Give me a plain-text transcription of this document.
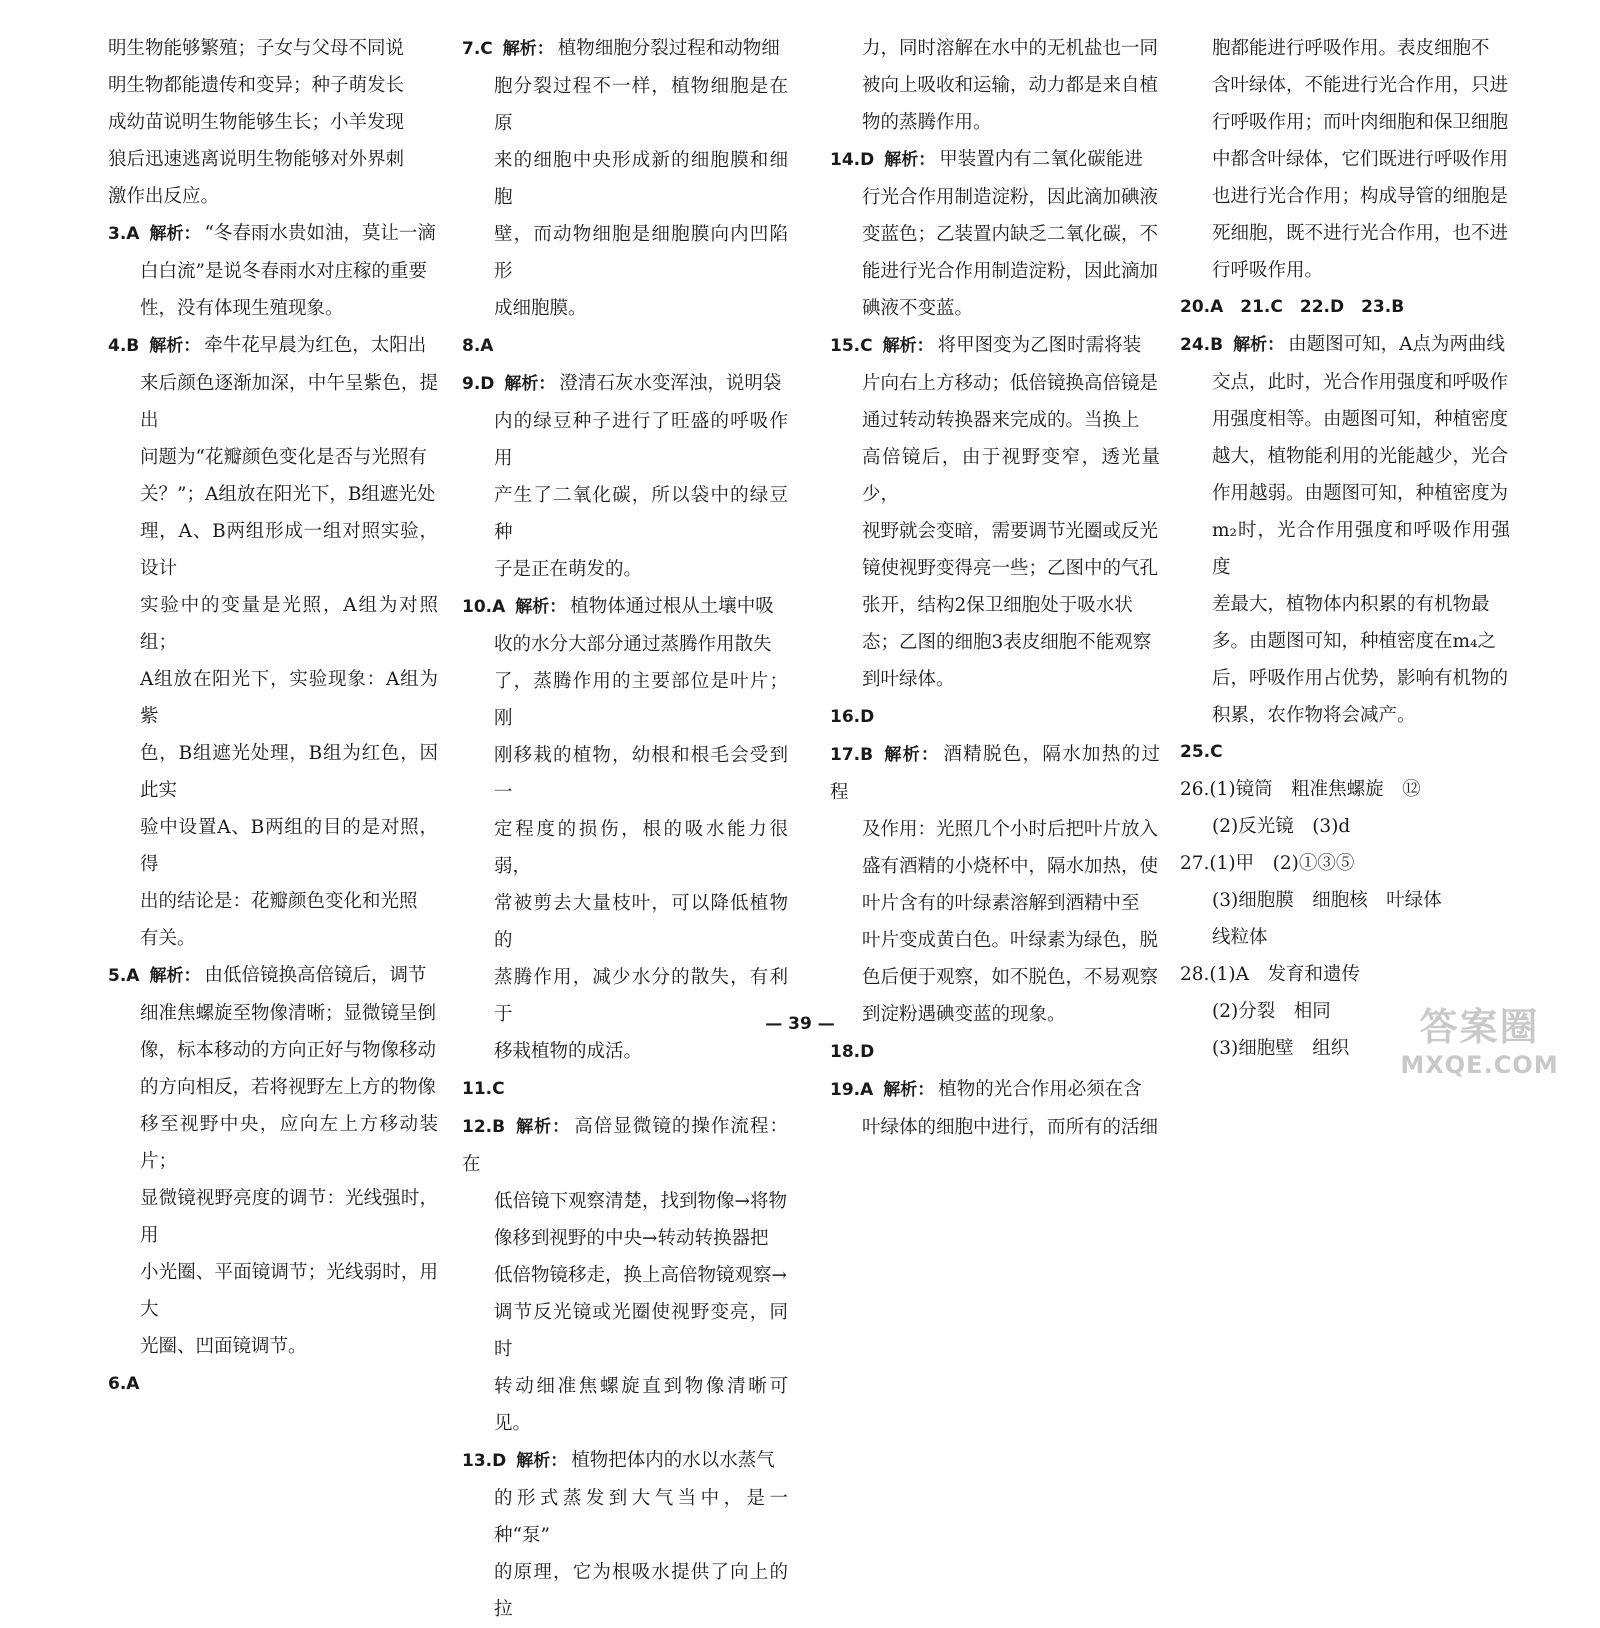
明生物能够繁殖；子女与父母不同说
明生物都能遗传和变异；种子萌发长
成幼苗说明生物能够生长；小羊发现
狼后迅速逃离说明生物能够对外界刺
激作出反应。
3.A 解析： “冬春雨水贵如油，莫让一滴
白白流”是说冬春雨水对庄稼的重要
性，没有体现生殖现象。
4.B 解析： 牵牛花早晨为红色，太阳出
来后颜色逐渐加深，中午呈紫色，提出
问题为“花瓣颜色变化是否与光照有
关？”；A组放在阳光下，B组遮光处
理，A、B两组形成一组对照实验，设计
实验中的变量是光照，A组为对照组；
A组放在阳光下，实验现象：A组为紫
色，B组遮光处理，B组为红色，因此实
验中设置A、B两组的目的是对照，得
出的结论是：花瓣颜色变化和光照
有关。
5.A 解析： 由低倍镜换高倍镜后，调节
细准焦螺旋至物像清晰；显微镜呈倒
像，标本移动的方向正好与物像移动
的方向相反，若将视野左上方的物像
移至视野中央，应向左上方移动装片；
显微镜视野亮度的调节：光线强时，用
小光圈、平面镜调节；光线弱时，用大
光圈、凹面镜调节。
6.A
7.C 解析： 植物细胞分裂过程和动物细
胞分裂过程不一样，植物细胞是在原
来的细胞中央形成新的细胞膜和细胞
壁，而动物细胞是细胞膜向内凹陷形
成细胞膜。
8.A
9.D 解析： 澄清石灰水变浑浊，说明袋
内的绿豆种子进行了旺盛的呼吸作用
产生了二氧化碳，所以袋中的绿豆种
子是正在萌发的。
10.A 解析： 植物体通过根从土壤中吸
收的水分大部分通过蒸腾作用散失
了，蒸腾作用的主要部位是叶片；刚
刚移栽的植物，幼根和根毛会受到一
定程度的损伤，根的吸水能力很弱，
常被剪去大量枝叶，可以降低植物的
蒸腾作用，减少水分的散失，有利于
移栽植物的成活。
11.C
12.B 解析： 高倍显微镜的操作流程：在
低倍镜下观察清楚，找到物像→将物
像移到视野的中央→转动转换器把
低倍物镜移走，换上高倍物镜观察→
调节反光镜或光圈使视野变亮，同时
转动细准焦螺旋直到物像清晰可见。
13.D 解析： 植物把体内的水以水蒸气
的形式蒸发到大气当中，是一种“泵”
的原理，它为根吸水提供了向上的拉
力，同时溶解在水中的无机盐也一同
被向上吸收和运输，动力都是来自植
物的蒸腾作用。
14.D 解析： 甲装置内有二氧化碳能进
行光合作用制造淀粉，因此滴加碘液
变蓝色；乙装置内缺乏二氧化碳，不
能进行光合作用制造淀粉，因此滴加
碘液不变蓝。
15.C 解析： 将甲图变为乙图时需将装
片向右上方移动；低倍镜换高倍镜是
通过转动转换器来完成的。当换上
高倍镜后，由于视野变窄，透光量少，
视野就会变暗，需要调节光圈或反光
镜使视野变得亮一些；乙图中的气孔
张开，结构2保卫细胞处于吸水状
态；乙图的细胞3表皮细胞不能观察
到叶绿体。
16.D
17.B 解析： 酒精脱色，隔水加热的过程
及作用：光照几个小时后把叶片放入
盛有酒精的小烧杯中，隔水加热，使
叶片含有的叶绿素溶解到酒精中至
叶片变成黄白色。叶绿素为绿色，脱
色后便于观察，如不脱色，不易观察
到淀粉遇碘变蓝的现象。
18.D
19.A 解析： 植物的光合作用必须在含
叶绿体的细胞中进行，而所有的活细
胞都能进行呼吸作用。表皮细胞不
含叶绿体，不能进行光合作用，只进
行呼吸作用；而叶肉细胞和保卫细胞
中都含叶绿体，它们既进行呼吸作用
也进行光合作用；构成导管的细胞是
死细胞，既不进行光合作用，也不进
行呼吸作用。
20.A　21.C　22.D　23.B
24.B 解析： 由题图可知，A点为两曲线
交点，此时，光合作用强度和呼吸作
用强度相等。由题图可知，种植密度
越大，植物能利用的光能越少，光合
作用越弱。由题图可知，种植密度为
m₂时，光合作用强度和呼吸作用强度
差最大，植物体内积累的有机物最
多。由题图可知，种植密度在m₄之
后，呼吸作用占优势，影响有机物的
积累，农作物将会减产。
25.C
26.(1)镜筒　粗准焦螺旋　⑫
(2)反光镜　(3)d
27.(1)甲　(2)①③⑤
(3)细胞膜　细胞核　叶绿体
线粒体
28.(1)A　发育和遗传
(2)分裂　相同
(3)细胞壁　组织
— 39 —	答案圈
MXQE.COM
